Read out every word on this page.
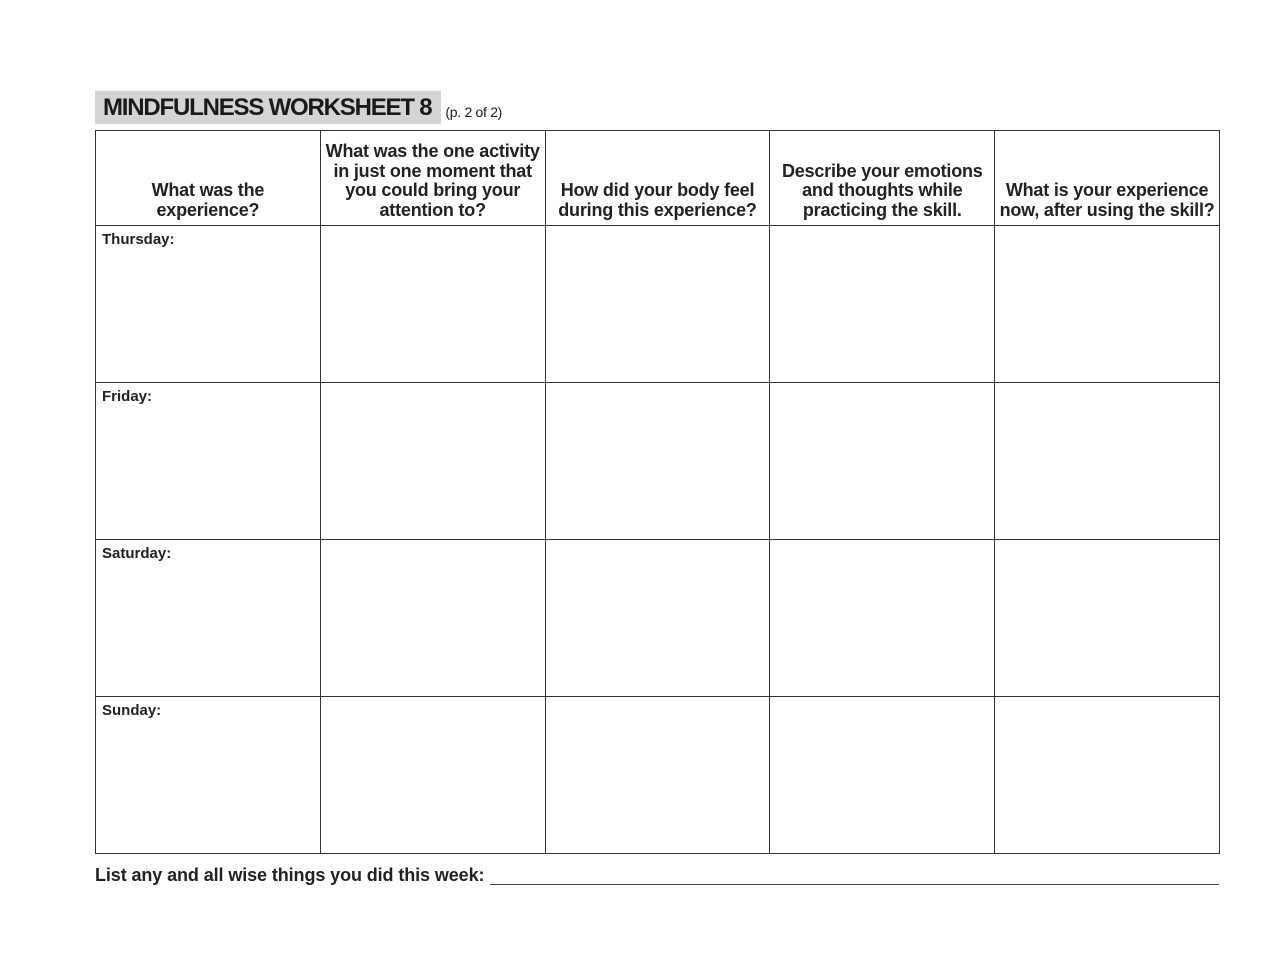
MINDFULNESS WORKSHEET 8	(p. 2 of 2)
What was the experience?	What was the one activity in just one moment that you could bring your attention to?	How did your body feel during this experience?	Describe your emotions and thoughts while practicing the skill.	What is your experience now, after using the skill?

Thursday:				

Friday:				

Saturday:				

Sunday:				

List any and all wise things you did this week:
